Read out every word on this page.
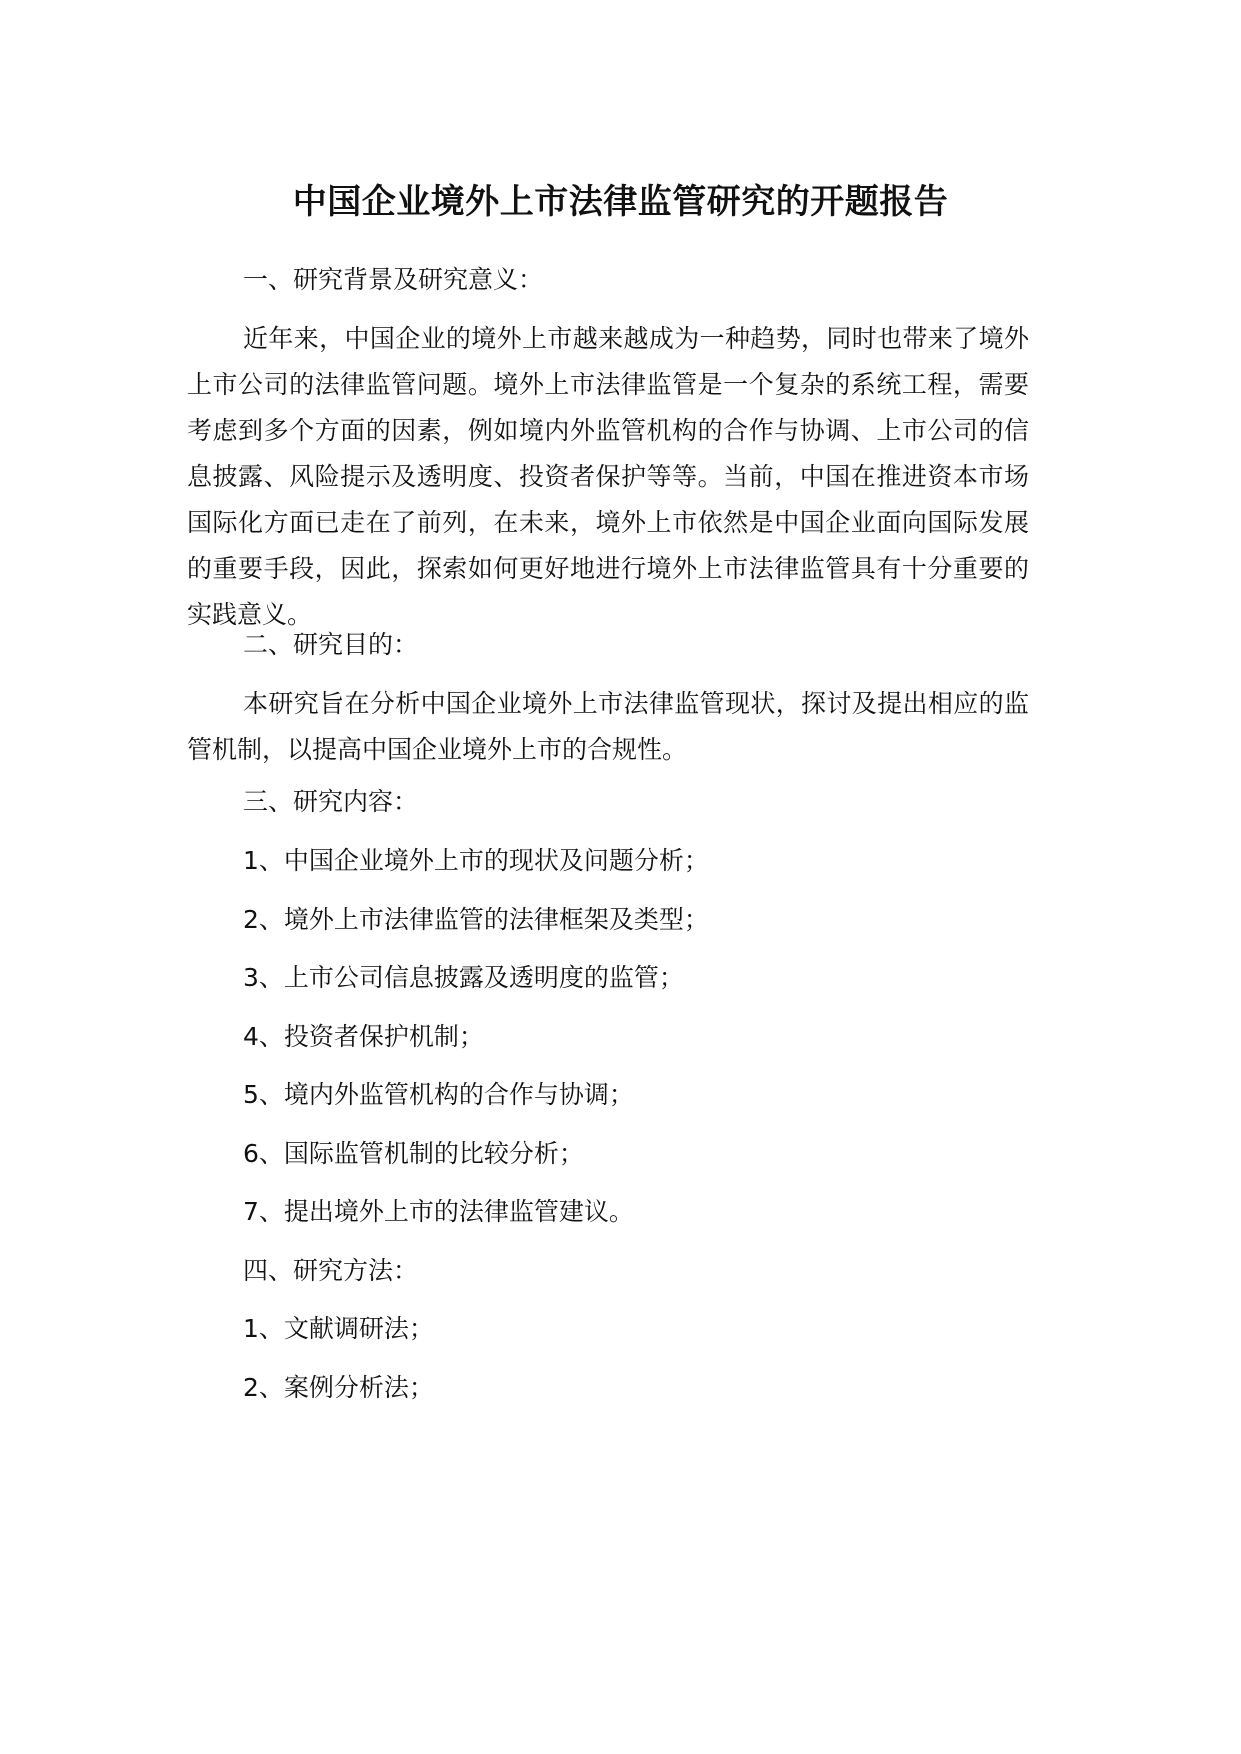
中国企业境外上市法律监管研究的开题报告
一、研究背景及研究意义：
近年来，中国企业的境外上市越来越成为一种趋势，同时也带来了境外上市公司的法律监管问题。境外上市法律监管是一个复杂的系统工程，需要考虑到多个方面的因素，例如境内外监管机构的合作与协调、上市公司的信息披露、风险提示及透明度、投资者保护等等。当前，中国在推进资本市场国际化方面已走在了前列，在未来，境外上市依然是中国企业面向国际发展的重要手段，因此，探索如何更好地进行境外上市法律监管具有十分重要的实践意义。
二、研究目的：
本研究旨在分析中国企业境外上市法律监管现状，探讨及提出相应的监管机制，以提高中国企业境外上市的合规性。
三、研究内容：
1、中国企业境外上市的现状及问题分析；
2、境外上市法律监管的法律框架及类型；
3、上市公司信息披露及透明度的监管；
4、投资者保护机制；
5、境内外监管机构的合作与协调；
6、国际监管机制的比较分析；
7、提出境外上市的法律监管建议。
四、研究方法：
1、文献调研法；
2、案例分析法；
